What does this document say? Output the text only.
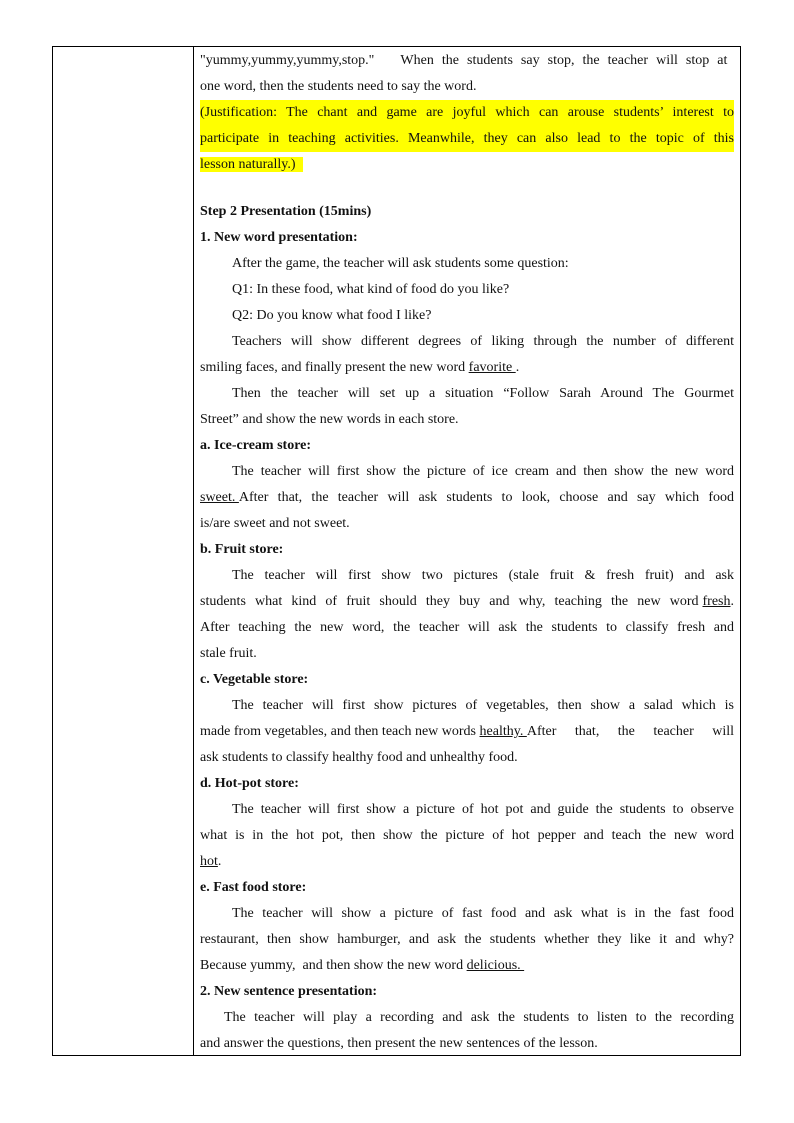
"yummy,yummy,yummy,stop." When the students say stop, the teacher will stop at
one word, then the students need to say the word.
(Justification: The chant and game are joyful which can arouse students’ interest to
participate in teaching activities. Meanwhile, they can also lead to the topic of this
lesson naturally.)
Step 2 Presentation (15mins)
1. New word presentation:
After the game, the teacher will ask students some question:
Q1: In these food, what kind of food do you like?
Q2: Do you know what food I like?
Teachers will show different degrees of liking through the number of different
smiling faces, and finally present the new word favorite .
Then the teacher will set up a situation “Follow Sarah Around The Gourmet
Street” and show the new words in each store.
a. Ice-cream store:
The teacher will first show the picture of ice cream and then show the new word
sweet. After that, the teacher will ask students to look, choose and say which food
is/are sweet and not sweet.
b. Fruit store:
The teacher will first show two pictures (stale fruit & fresh fruit) and ask
students what kind of fruit should they buy and why, teaching the new word fresh .
After teaching the new word, the teacher will ask the students to classify fresh and
stale fruit.
c. Vegetable store:
The teacher will first show pictures of vegetables, then show a salad which is
made from vegetables, and then teach new words healthy. After that, the teacher will
ask students to classify healthy food and unhealthy food.
d. Hot-pot store:
The teacher will first show a picture of hot pot and guide the students to observe
what is in the hot pot, then show the picture of hot pepper and teach the new word
hot.
e. Fast food store:
The teacher will show a picture of fast food and ask what is in the fast food
restaurant, then show hamburger, and ask the students whether they like it and why?
Because yummy,  and then show the new word delicious.
2. New sentence presentation:
The teacher will play a recording and ask the students to listen to the recording
and answer the questions, then present the new sentences of the lesson.
